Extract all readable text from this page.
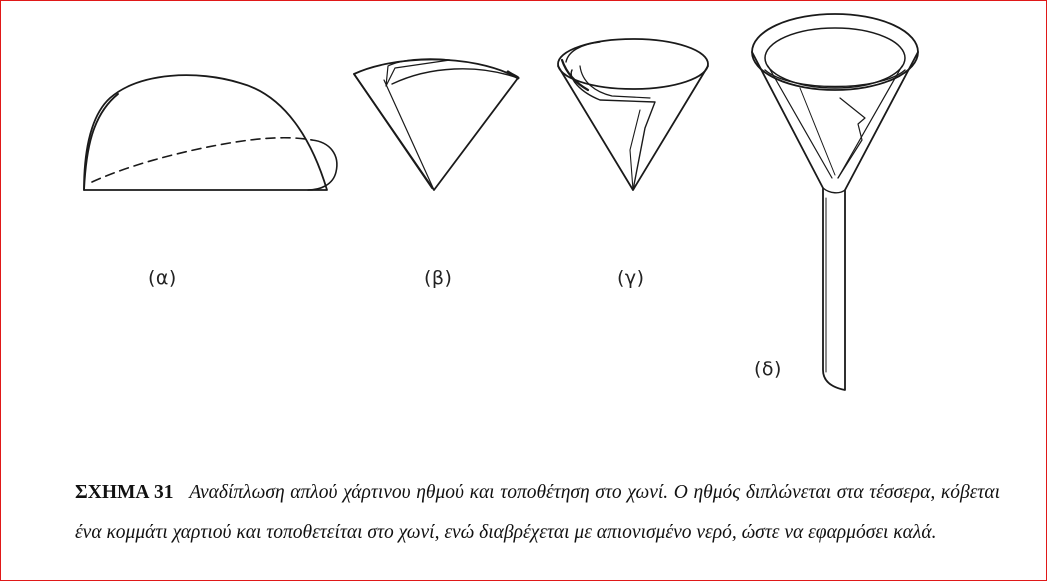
(α)	(β)	(γ)
(δ)
ΣΧΗΜΑ 31 Αναδίπλωση απλού χάρτινου ηθμού και τοποθέτηση στο χωνί. Ο ηθμός διπλώνεται στα τέσσερα, κόβεται ένα κομμάτι χαρτιού και τοποθετείται στο χωνί, ενώ διαβρέχεται με απιονισμένο νερό, ώστε να εφαρμόσει καλά.
